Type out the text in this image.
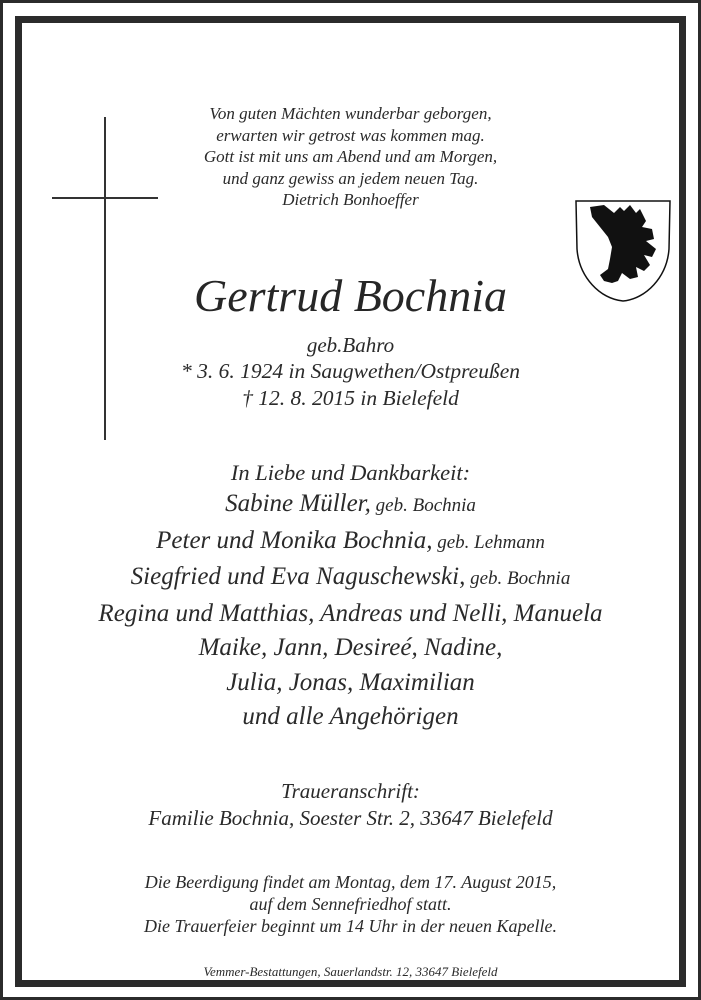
Von guten Mächten wunderbar geborgen,
erwarten wir getrost was kommen mag.
Gott ist mit uns am Abend und am Morgen,
und ganz gewiss an jedem neuen Tag.
Dietrich Bonhoeffer
Gertrud Bochnia
geb.Bahro
* 3. 6. 1924 in Saugwethen/Ostpreußen
† 12. 8. 2015 in Bielefeld
In Liebe und Dankbarkeit:
Sabine Müller, geb. Bochnia
Peter und Monika Bochnia, geb. Lehmann
Siegfried und Eva Naguschewski, geb. Bochnia
Regina und Matthias, Andreas und Nelli, Manuela
Maike, Jann, Desireé, Nadine,
Julia, Jonas, Maximilian
und alle Angehörigen
Traueranschrift:
Familie Bochnia, Soester Str. 2, 33647 Bielefeld
Die Beerdigung findet am Montag, dem 17. August 2015,
auf dem Sennefriedhof statt.
Die Trauerfeier beginnt um 14 Uhr in der neuen Kapelle.
Vemmer-Bestattungen, Sauerlandstr. 12, 33647 Bielefeld
